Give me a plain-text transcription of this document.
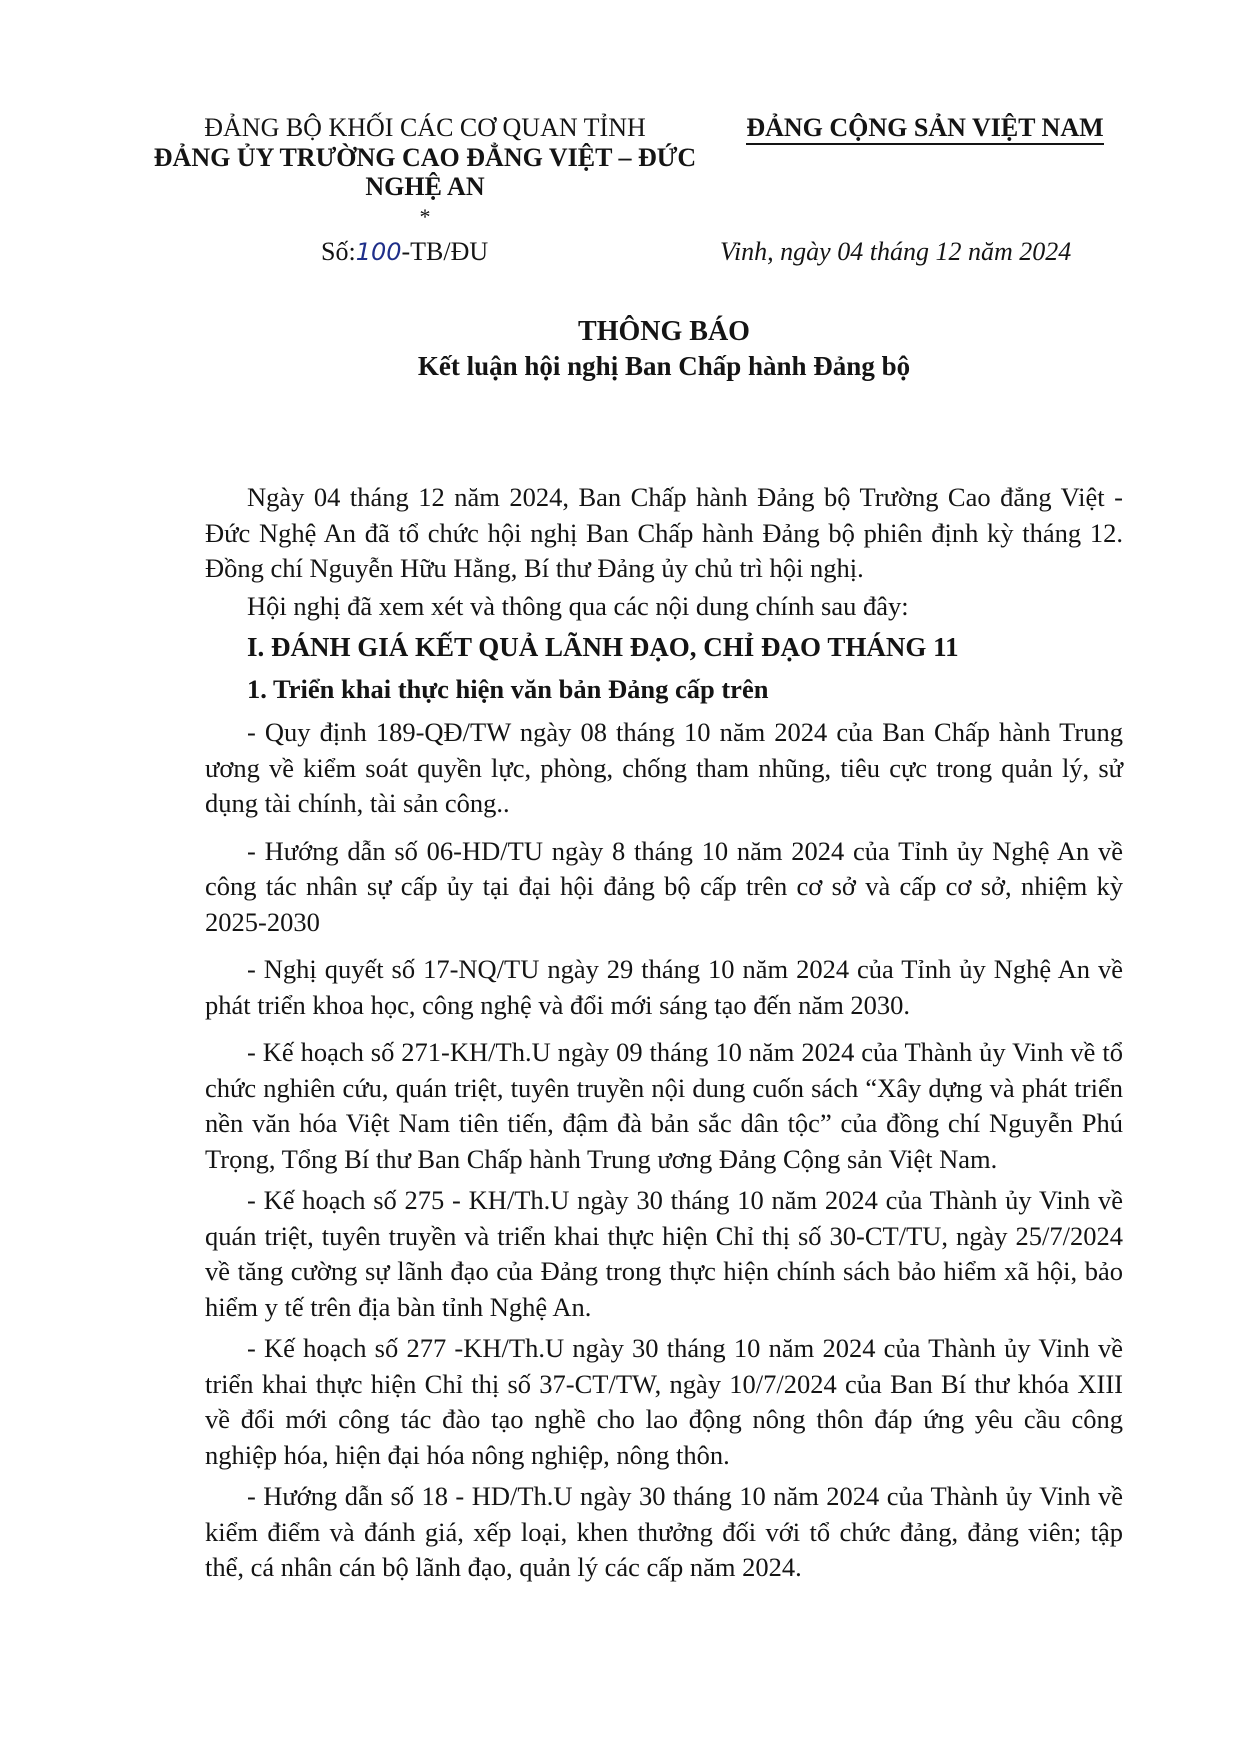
ĐẢNG BỘ KHỐI CÁC CƠ QUAN TỈNH
ĐẢNG ỦY TRƯỜNG CAO ĐẲNG VIỆT – ĐỨC
NGHỆ AN
*
Số:100-TB/ĐU
ĐẢNG CỘNG SẢN VIỆT NAM
Vinh, ngày 04 tháng 12 năm 2024
THÔNG BÁO
Kết luận hội nghị Ban Chấp hành Đảng bộ

Ngày 04 tháng 12 năm 2024, Ban Chấp hành Đảng bộ Trường Cao đẳng Việt - Đức Nghệ An đã tổ chức hội nghị Ban Chấp hành Đảng bộ phiên định kỳ tháng 12. Đồng chí Nguyễn Hữu Hằng, Bí thư Đảng ủy chủ trì hội nghị.

Hội nghị đã xem xét và thông qua các nội dung chính sau đây:

I. ĐÁNH GIÁ KẾT QUẢ LÃNH ĐẠO, CHỈ ĐẠO THÁNG 11

1. Triển khai thực hiện văn bản Đảng cấp trên

- Quy định 189-QĐ/TW ngày 08 tháng 10 năm 2024 của Ban Chấp hành Trung ương về kiểm soát quyền lực, phòng, chống tham nhũng, tiêu cực trong quản lý, sử dụng tài chính, tài sản công..

- Hướng dẫn số 06-HD/TU ngày 8 tháng 10 năm 2024 của Tỉnh ủy Nghệ An về công tác nhân sự cấp ủy tại đại hội đảng bộ cấp trên cơ sở và cấp cơ sở, nhiệm kỳ 2025-2030

- Nghị quyết số 17-NQ/TU ngày 29 tháng 10 năm 2024 của Tỉnh ủy Nghệ An về phát triển khoa học, công nghệ và đổi mới sáng tạo đến năm 2030.

- Kế hoạch số 271-KH/Th.U ngày 09 tháng 10 năm 2024 của Thành ủy Vinh về tổ chức nghiên cứu, quán triệt, tuyên truyền nội dung cuốn sách “Xây dựng và phát triển nền văn hóa Việt Nam tiên tiến, đậm đà bản sắc dân tộc” của đồng chí Nguyễn Phú Trọng, Tổng Bí thư Ban Chấp hành Trung ương Đảng Cộng sản Việt Nam.

- Kế hoạch số 275 - KH/Th.U ngày 30 tháng 10 năm 2024 của Thành ủy Vinh về quán triệt, tuyên truyền và triển khai thực hiện Chỉ thị số 30-CT/TU, ngày 25/7/2024 về tăng cường sự lãnh đạo của Đảng trong thực hiện chính sách bảo hiểm xã hội, bảo hiểm y tế trên địa bàn tỉnh Nghệ An.

- Kế hoạch số 277 -KH/Th.U ngày 30 tháng 10 năm 2024 của Thành ủy Vinh về triển khai thực hiện Chỉ thị số 37-CT/TW, ngày 10/7/2024 của Ban Bí thư khóa XIII về đổi mới công tác đào tạo nghề cho lao động nông thôn đáp ứng yêu cầu công nghiệp hóa, hiện đại hóa nông nghiệp, nông thôn.

- Hướng dẫn số 18 - HD/Th.U ngày 30 tháng 10 năm 2024 của Thành ủy Vinh về kiểm điểm và đánh giá, xếp loại, khen thưởng đối với tổ chức đảng, đảng viên; tập thể, cá nhân cán bộ lãnh đạo, quản lý các cấp năm 2024.
